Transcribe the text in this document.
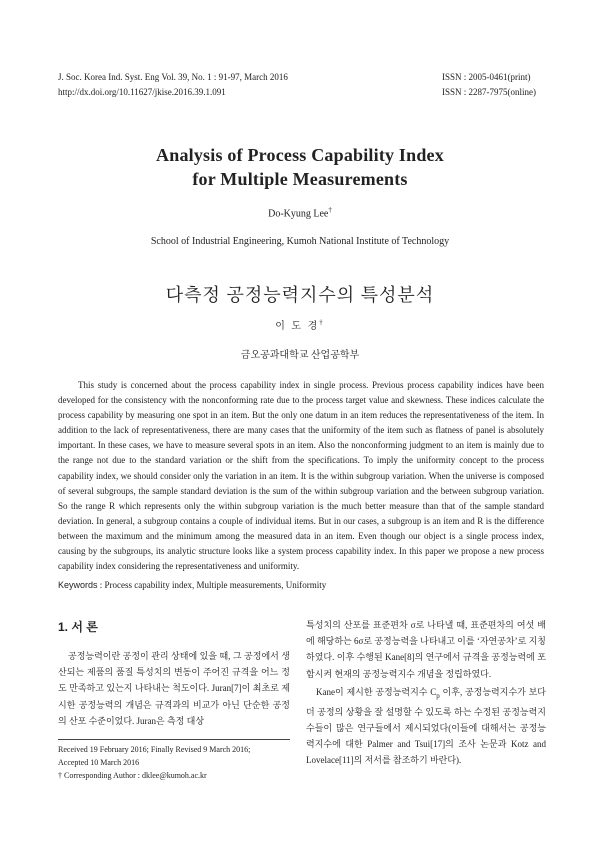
J. Soc. Korea Ind. Syst. Eng Vol. 39, No. 1 : 91-97, March 2016
http://dx.doi.org/10.11627/jkise.2016.39.1.091
ISSN : 2005-0461(print)
ISSN : 2287-7975(online)
Analysis of Process Capability Index
for Multiple Measurements
Do-Kyung Lee†
School of Industrial Engineering, Kumoh National Institute of Technology
다측정 공정능력지수의 특성분석
이 도 경†
금오공과대학교 산업공학부
This study is concerned about the process capability index in single process. Previous process capability indices have been developed for the consistency with the nonconforming rate due to the process target value and skewness. These indices calculate the process capability by measuring one spot in an item. But the only one datum in an item reduces the representativeness of the item. In addition to the lack of representativeness, there are many cases that the uniformity of the item such as flatness of panel is absolutely important. In these cases, we have to measure several spots in an item. Also the nonconforming judgment to an item is mainly due to the range not due to the standard variation or the shift from the specifications. To imply the uniformity concept to the process capability index, we should consider only the variation in an item. It is the within subgroup variation. When the universe is composed of several subgroups, the sample standard deviation is the sum of the within subgroup variation and the between subgroup variation. So the range R which represents only the within subgroup variation is the much better measure than that of the sample standard deviation. In general, a subgroup contains a couple of individual items. But in our cases, a subgroup is an item and R is the difference between the maximum and the minimum among the measured data in an item. Even though our object is a single process index, causing by the subgroups, its analytic structure looks like a system process capability index. In this paper we propose a new process capability index considering the representativeness and uniformity.
Keywords : Process capability index, Multiple measurements, Uniformity
1. 서 론

공정능력이란 공정이 관리 상태에 있을 때, 그 공정에서 생산되는 제품의 품질 특성치의 변동이 주어진 규격을 어느 정도 만족하고 있는지 나타내는 척도이다. Juran[7]이 최초로 제시한 공정능력의 개념은 규격과의 비교가 아닌 단순한 공정의 산포 수준이었다. Juran은 측정 대상

특성치의 산포를 표준편차 σ로 나타낼 때, 표준편차의 여섯 배에 해당하는 6σ로 공정능력을 나타내고 이를 ‘자연공차’로 지칭하였다. 이후 수행된 Kane[8]의 연구에서 규격을 공정능력에 포함시켜 현재의 공정능력지수 개념을 정립하였다.

Kane이 제시한 공정능력지수 $C_p$ 이후, 공정능력지수가 보다 더 공정의 상황을 잘 설명할 수 있도록 하는 수정된 공정능력지수들이 많은 연구들에서 제시되었다(이들에 대해서는 공정능력지수에 대한 Palmer and Tsui[17]의 조사 논문과 Kotz and Lovelace[11]의 저서를 참조하기 바란다).

Received 19 February 2016; Finally Revised 9 March 2016;
Accepted 10 March 2016
† Corresponding Author : dklee@kumoh.ac.kr
